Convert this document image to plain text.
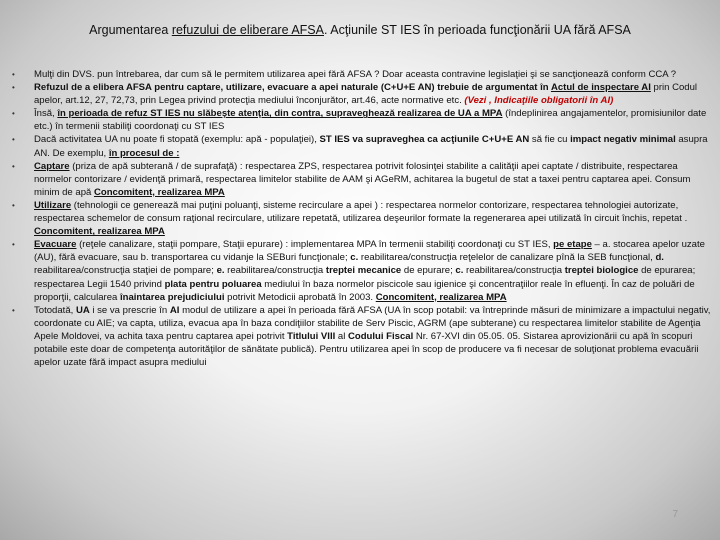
Argumentarea refuzului de eliberare AFSA. Acţiunile ST IES în perioada funcţionării UA fără AFSA
• Mulţi din DVS. pun întrebarea, dar cum să le permitem utilizarea apei fără AFSA ? Doar aceasta contravine legislaţiei şi se sancţionează conform CCA ?
• Refuzul de a elibera AFSA pentru captare, utilizare, evacuare a apei naturale (C+U+E AN) trebuie de argumentat în Actul de inspectare AI prin Codul apelor, art.12, 27, 72,73, prin Legea privind protecţia mediului înconjurător, art.46, acte normative etc. (Vezi , Indicaţiile obligatorii în AI)
• Însă, în perioada de refuz ST IES nu slăbeşte atenţia, din contra, supraveghează realizarea de UA a MPA (îndeplinirea angajamentelor, promisiunilor date etc.) în termenii stabiliţi coordonaţi cu ST IES
• Dacă activitatea UA nu poate fi stopată (exemplu: apă - populaţiei), ST IES va supraveghea ca acţiunile C+U+E AN să fie cu impact negativ minimal asupra AN. De exemplu, în procesul de :
• Captare (priza de apă subterană / de suprafaţă) : respectarea ZPS, respectarea potrivit folosinţei stabilite a calităţii apei captate / distribuite, respectarea normelor contorizare / evidenţă primară, respectarea limitelor stabilite de AAM şi AGeRM, achitarea la bugetul de stat a taxei pentru captarea apei. Consum minim de apă Concomitent, realizarea MPA
• Utilizare (tehnologii ce generează mai puţini poluanţi, sisteme recirculare a apei ) : respectarea normelor contorizare, respectarea tehnologiei autorizate, respectarea schemelor de consum raţional recirculare, utilizare repetată, utilizarea deşeurilor formate la regenerarea apei utilizată în circuit închis, repetat . Concomitent, realizarea MPA
• Evacuare (reţele canalizare, staţii pompare, Staţii epurare) : implementarea MPA în termenii stabiliţi coordonaţi cu ST IES, pe etape – a. stocarea apelor uzate (AU), fără evacuare, sau b. transportarea cu vidanje la SEBuri funcţionale; c. reabilitarea/construcţia reţelelor de canalizare pînă la SEB funcţional, d. reabilitarea/construcţia staţiei de pompare; e. reabilitarea/construcţia treptei mecanice de epurare; c. reabilitarea/construcţia treptei biologice de epurarea; respectarea Legii 1540 privind plata pentru poluarea mediului în baza normelor piscicole sau igienice şi concentraţiilor reale în efluenţi. În caz de poluări de proporţii, calcularea înaintarea prejudiciului potrivit Metodicii aprobată în 2003. Concomitent, realizarea MPA
• Totodată, UA i se va prescrie în AI modul de utilizare a apei în perioada fără AFSA (UA în scop potabil: va întreprinde măsuri de minimizare a impactului negativ, coordonate cu AIE; va capta, utiliza, evacua apa în baza condiţiilor stabilite de Serv Piscic, AGRM (ape subterane) cu respectarea limitelor stabilite de Agenţia Apele Moldovei, va achita taxa pentru captarea apei potrivit Titlului VIII al Codului Fiscal Nr. 67-XVI din 05.05. 05. Sistarea aprovizionării cu apă în scopuri potabile este doar de competenţa autorităţilor de sănătate publică). Pentru utilizarea apei în scop de producere va fi necesar de soluţionat problema evacuării apelor uzate fără impact asupra mediului
7
